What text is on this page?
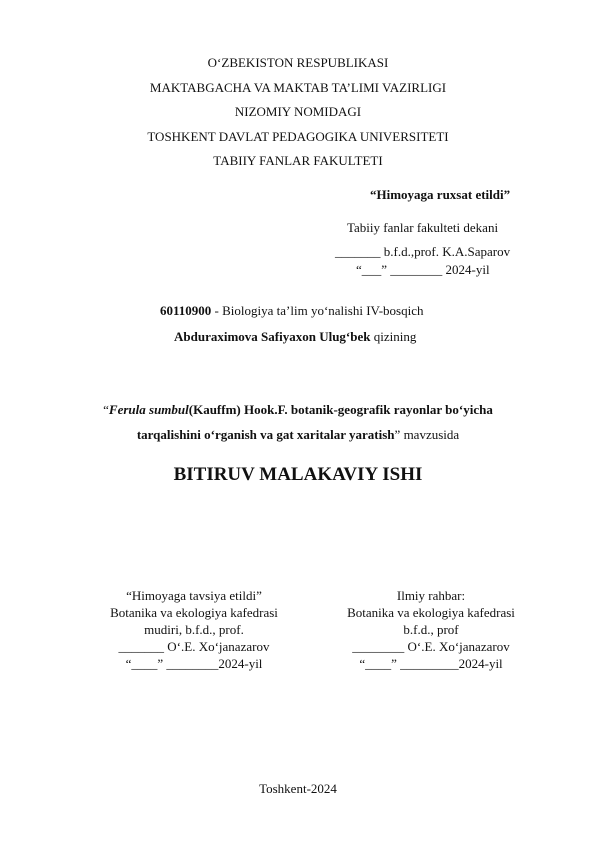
O‘ZBEKISTON RESPUBLIKASI
MAKTABGACHA VA MAKTAB TA’LIMI VAZIRLIGI
NIZOMIY NOMIDAGI
TOSHKENT DAVLAT PEDAGOGIKA UNIVERSITETI
TABIIY FANLAR FAKULTETI
“Himoyaga ruxsat etildi”
Tabiiy fanlar fakulteti dekani
_______ b.f.d.,prof. K.A.Saparov
“___” ________ 2024-yil
60110900 - Biologiya ta’lim yo‘nalishi IV-bosqich
Abduraximova Safiyaxon Ulug‘bek qizining
“Ferula sumbul(Kauffm) Hook.F. botanik-geografik rayonlar bo‘yicha
tarqalishini o‘rganish va gat xaritalar yaratish” mavzusida
BITIRUV MALAKAVIY ISHI
“Himoyaga tavsiya etildi”
Botanika va ekologiya kafedrasi
mudiri, b.f.d., prof.
_______ O‘.E. Xo‘janazarov
“____” ________2024-yil
Ilmiy rahbar:
Botanika va ekologiya kafedrasi
b.f.d., prof
________ O‘.E. Xo‘janazarov
“____” _________2024-yil
Toshkent-2024
